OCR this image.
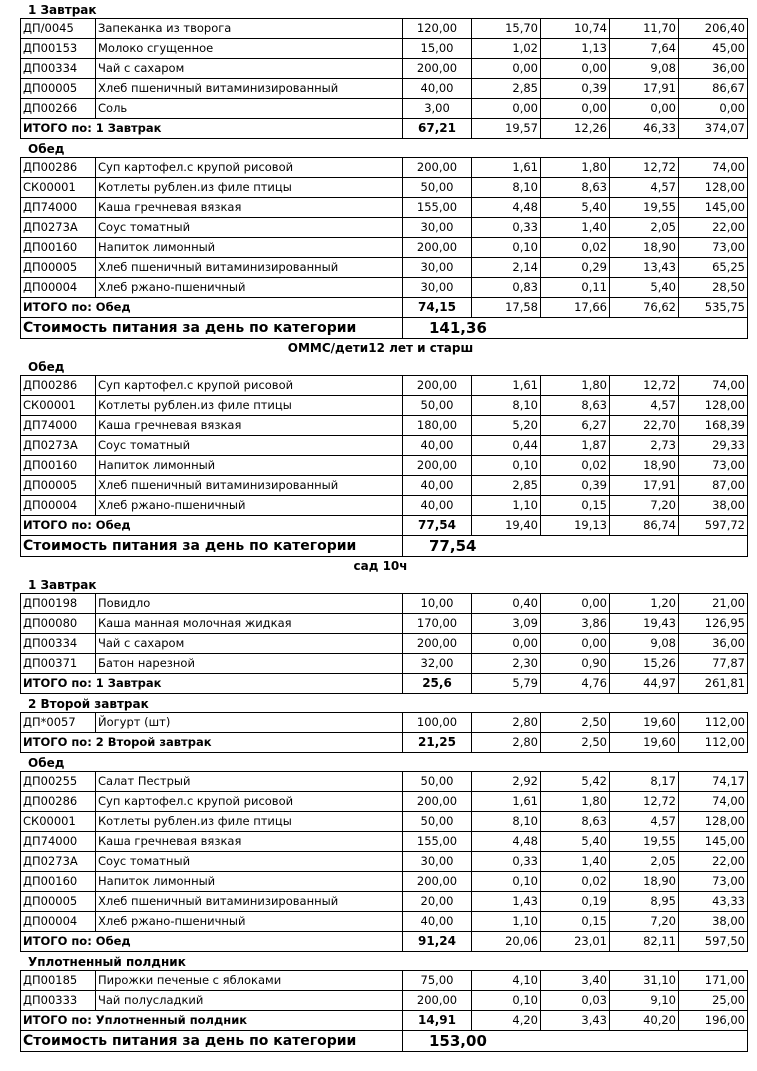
1 Завтрак
ДП/0045	Запеканка из творога	120,00	15,70	10,74	11,70	206,40
ДП00153	Молоко сгущенное	15,00	1,02	1,13	7,64	45,00
ДП00334	Чай с сахаром	200,00	0,00	0,00	9,08	36,00
ДП00005	Хлеб пшеничный витаминизированный	40,00	2,85	0,39	17,91	86,67
ДП00266	Соль	3,00	0,00	0,00	0,00	0,00
ИТОГО по: 1 Завтрак		67,21	19,57	12,26	46,33	374,07
Обед
ДП00286	Суп картофел.с крупой рисовой	200,00	1,61	1,80	12,72	74,00
СК00001	Котлеты рублен.из филе птицы	50,00	8,10	8,63	4,57	128,00
ДП74000	Каша гречневая вязкая	155,00	4,48	5,40	19,55	145,00
ДП0273А	Соус томатный	30,00	0,33	1,40	2,05	22,00
ДП00160	Напиток лимонный	200,00	0,10	0,02	18,90	73,00
ДП00005	Хлеб пшеничный витаминизированный	30,00	2,14	0,29	13,43	65,25
ДП00004	Хлеб ржано-пшеничный	30,00	0,83	0,11	5,40	28,50
ИТОГО по: Обед		74,15	17,58	17,66	76,62	535,75
Стоимость питания за день по категории		141,36				
ОММС/дети12 лет и старш
Обед
ДП00286	Суп картофел.с крупой рисовой	200,00	1,61	1,80	12,72	74,00
СК00001	Котлеты рублен.из филе птицы	50,00	8,10	8,63	4,57	128,00
ДП74000	Каша гречневая вязкая	180,00	5,20	6,27	22,70	168,39
ДП0273А	Соус томатный	40,00	0,44	1,87	2,73	29,33
ДП00160	Напиток лимонный	200,00	0,10	0,02	18,90	73,00
ДП00005	Хлеб пшеничный витаминизированный	40,00	2,85	0,39	17,91	87,00
ДП00004	Хлеб ржано-пшеничный	40,00	1,10	0,15	7,20	38,00
ИТОГО по: Обед		77,54	19,40	19,13	86,74	597,72
Стоимость питания за день по категории		77,54				
сад 10ч
1 Завтрак
ДП00198	Повидло	10,00	0,40	0,00	1,20	21,00
ДП00080	Каша манная молочная жидкая	170,00	3,09	3,86	19,43	126,95
ДП00334	Чай с сахаром	200,00	0,00	0,00	9,08	36,00
ДП00371	Батон нарезной	32,00	2,30	0,90	15,26	77,87
ИТОГО по: 1 Завтрак		25,6	5,79	4,76	44,97	261,81
2 Второй завтрак
ДП*0057	Йогурт (шт)	100,00	2,80	2,50	19,60	112,00
ИТОГО по: 2 Второй завтрак		21,25	2,80	2,50	19,60	112,00
Обед
ДП00255	Салат Пестрый	50,00	2,92	5,42	8,17	74,17
ДП00286	Суп картофел.с крупой рисовой	200,00	1,61	1,80	12,72	74,00
СК00001	Котлеты рублен.из филе птицы	50,00	8,10	8,63	4,57	128,00
ДП74000	Каша гречневая вязкая	155,00	4,48	5,40	19,55	145,00
ДП0273А	Соус томатный	30,00	0,33	1,40	2,05	22,00
ДП00160	Напиток лимонный	200,00	0,10	0,02	18,90	73,00
ДП00005	Хлеб пшеничный витаминизированный	20,00	1,43	0,19	8,95	43,33
ДП00004	Хлеб ржано-пшеничный	40,00	1,10	0,15	7,20	38,00
ИТОГО по: Обед		91,24	20,06	23,01	82,11	597,50
Уплотненный полдник
ДП00185	Пирожки печеные с яблоками	75,00	4,10	3,40	31,10	171,00
ДП00333	Чай полусладкий	200,00	0,10	0,03	9,10	25,00
ИТОГО по: Уплотненный полдник		14,91	4,20	3,43	40,20	196,00
Стоимость питания за день по категории		153,00				
